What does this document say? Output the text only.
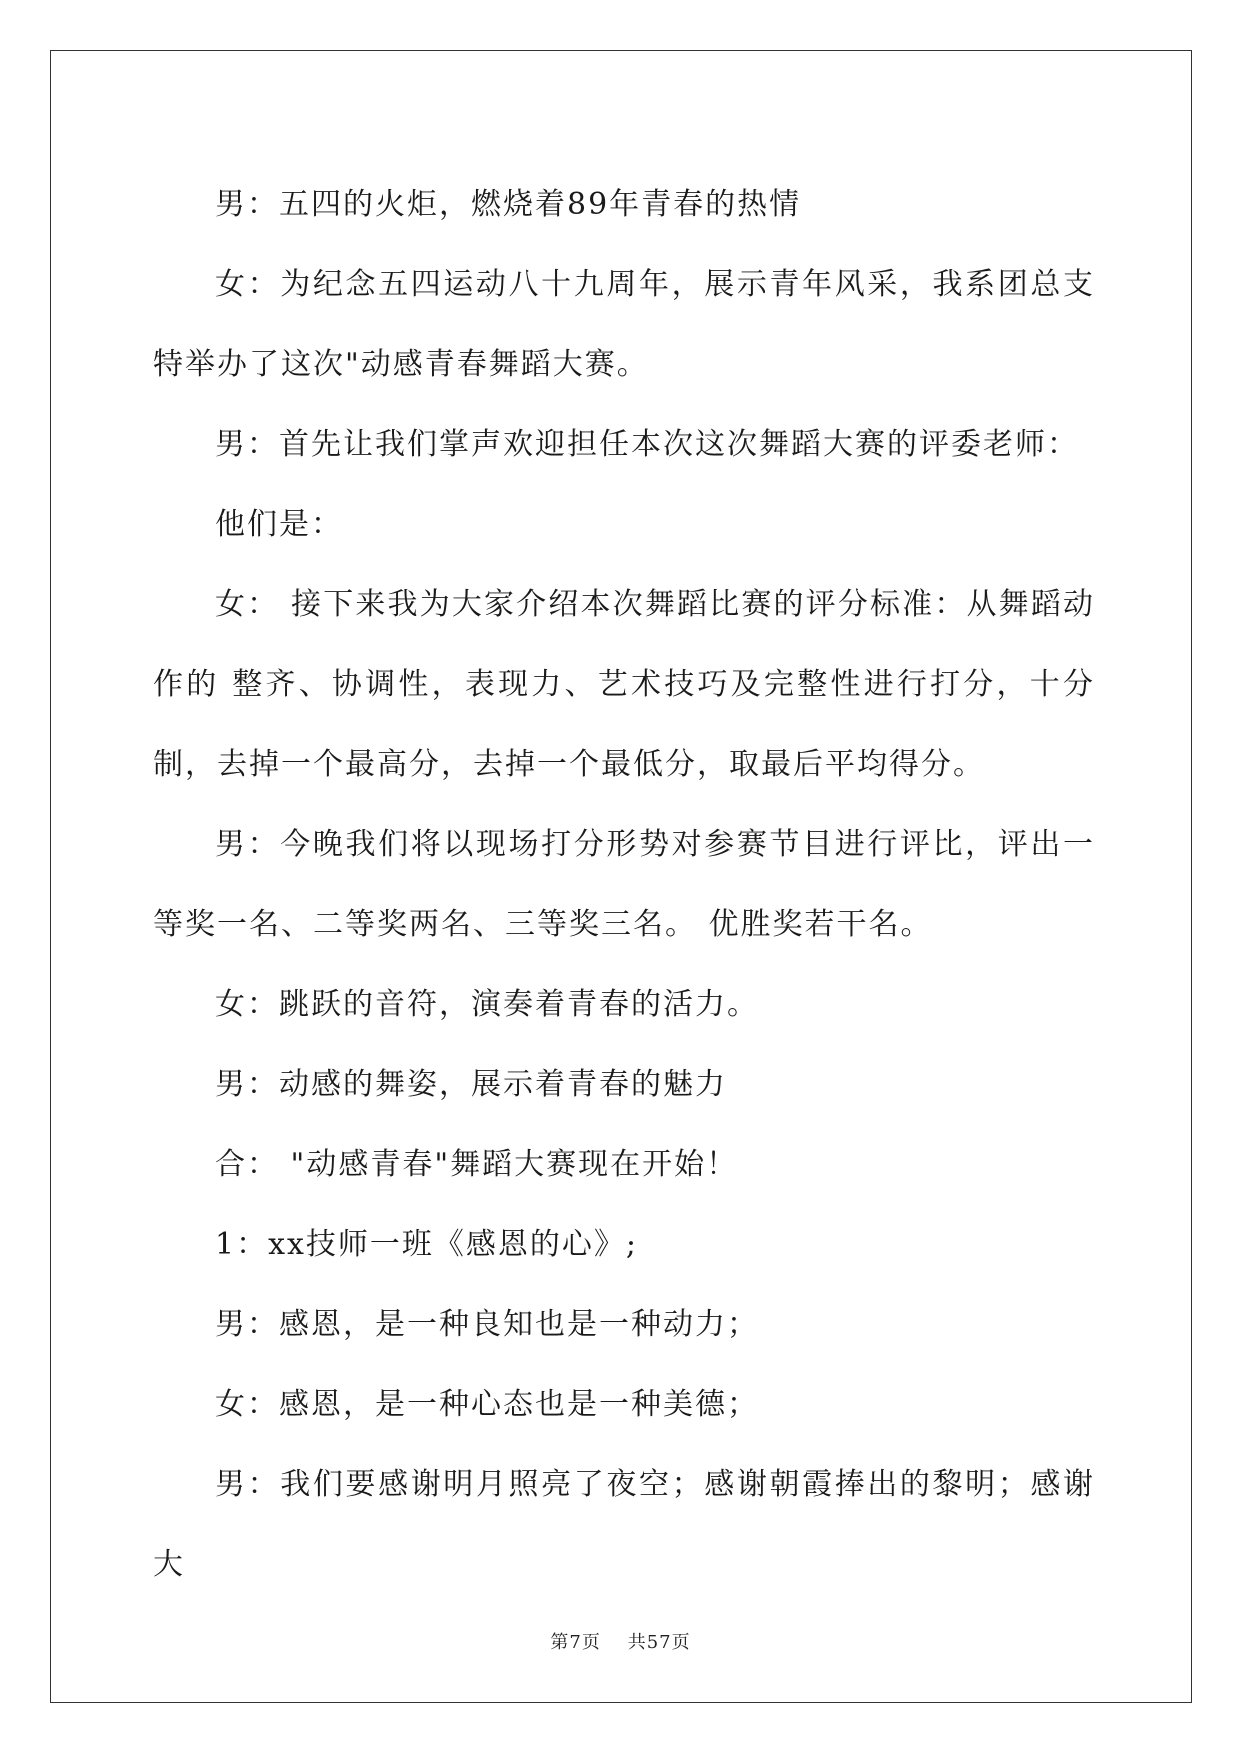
男：五四的火炬，燃烧着89年青春的热情

女：为纪念五四运动八十九周年，展示青年风采，我系团总支特举办了这次"动感青春舞蹈大赛。

男：首先让我们掌声欢迎担任本次这次舞蹈大赛的评委老师：

他们是：

女： 接下来我为大家介绍本次舞蹈比赛的评分标准：从舞蹈动作的 整齐、协调性，表现力、艺术技巧及完整性进行打分，十分制，去掉一个最高分，去掉一个最低分，取最后平均得分。

男：今晚我们将以现场打分形势对参赛节目进行评比，评出一等奖一名、二等奖两名、三等奖三名。 优胜奖若干名。

女：跳跃的音符，演奏着青春的活力。

男：动感的舞姿，展示着青春的魅力

合： "动感青春"舞蹈大赛现在开始！

1：xx技师一班《感恩的心》;

男：感恩，是一种良知也是一种动力；

女：感恩，是一种心态也是一种美德；

男：我们要感谢明月照亮了夜空；感谢朝霞捧出的黎明；感谢大

第7页 共57页
